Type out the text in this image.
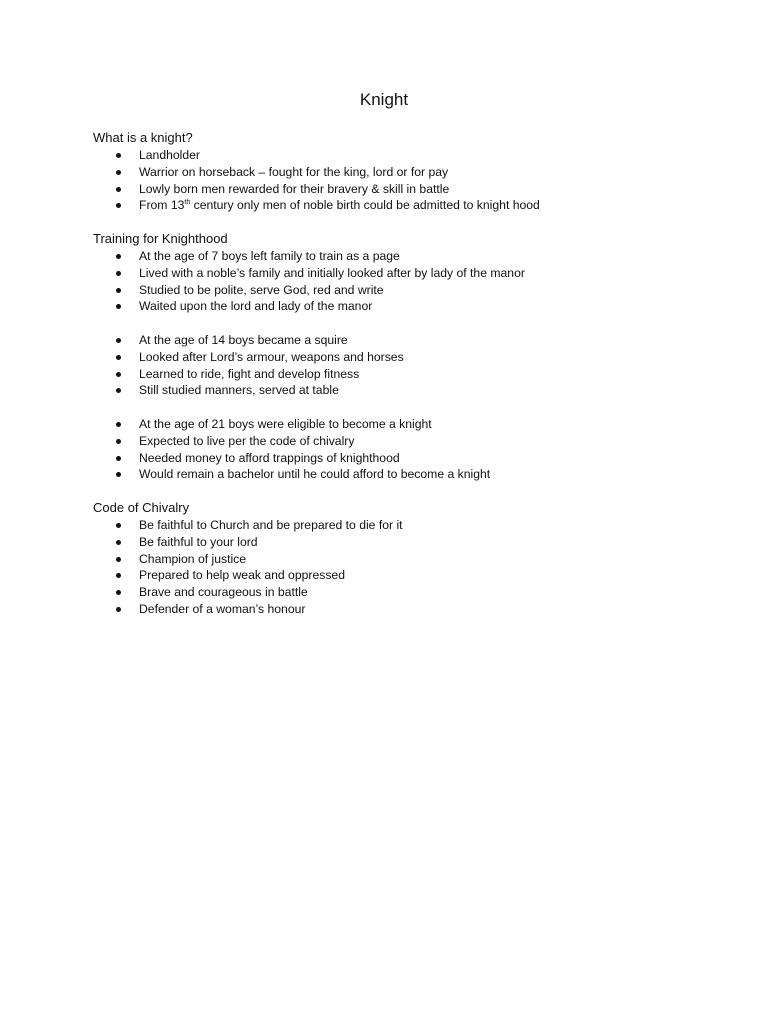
Knight
What is a knight?
Landholder
Warrior on horseback – fought for the king, lord or for pay
Lowly born men rewarded for their bravery & skill in battle
From 13th century only men of noble birth could be admitted to knight hood
Training for Knighthood
At the age of 7 boys left family to train as a page
Lived with a noble’s family and initially looked after by lady of the manor
Studied to be polite, serve God, red and write
Waited upon the lord and lady of the manor
At the age of 14 boys became a squire
Looked after Lord’s armour, weapons and horses
Learned to ride, fight and develop fitness
Still studied manners, served at table
At the age of 21 boys were eligible to become a knight
Expected to live per the code of chivalry
Needed money to afford trappings of knighthood
Would remain a bachelor until he could afford to become a knight
Code of Chivalry
Be faithful to Church and be prepared to die for it
Be faithful to your lord
Champion of justice
Prepared to help weak and oppressed
Brave and courageous in battle
Defender of a woman’s honour
